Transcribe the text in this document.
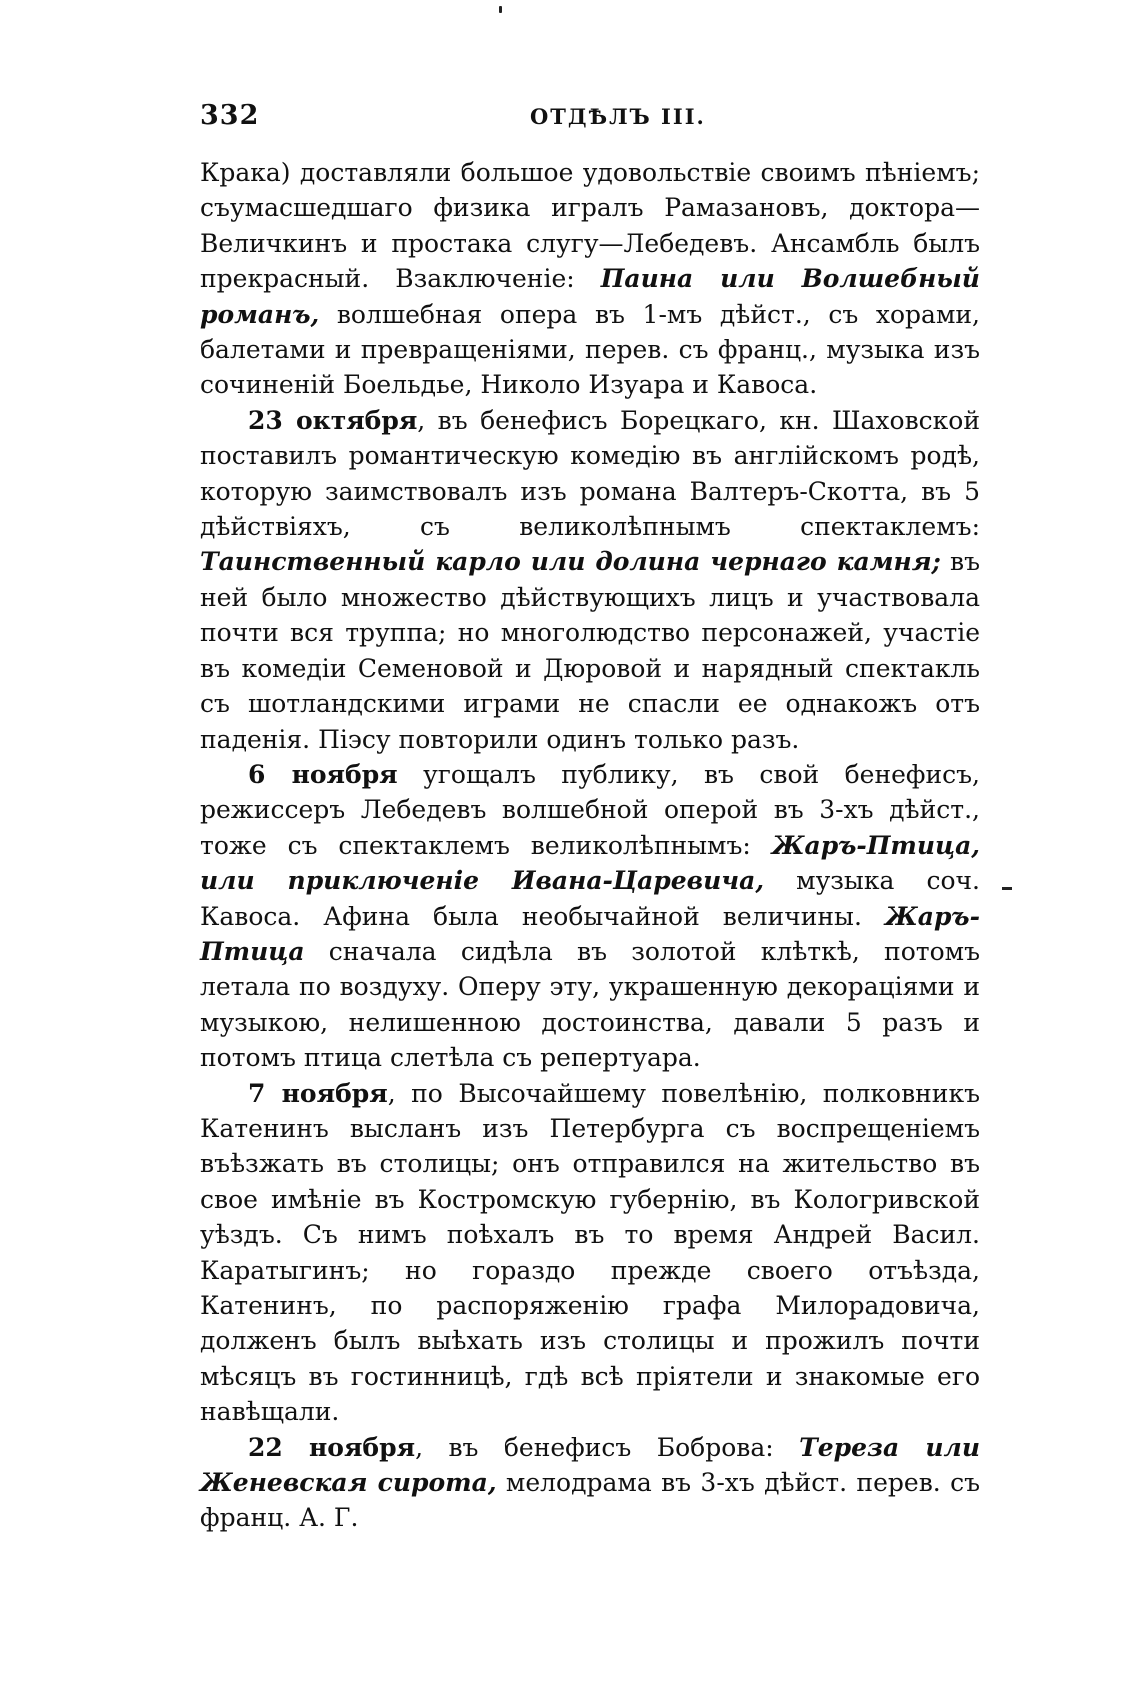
332	ОТДѢЛЪ III.

Крака) доставляли большое удовольствіе своимъ пѣніемъ; съумасшедшаго физика игралъ Рамазановъ, доктора—Величкинъ и простака слугу—Лебедевъ. Ансамбль былъ прекрасный. Взаключеніе: Паина или Волшебный романъ, волшебная опера въ 1-мъ дѣйст., съ хорами, балетами и превращеніями, перев. съ франц., музыка изъ сочиненій Боельдье, Николо Изуара и Кавоса.

23 октября, въ бенефисъ Борецкаго, кн. Шаховской поставилъ романтическую комедію въ англійскомъ родѣ, которую заимствовалъ изъ романа Валтеръ-Скотта, въ 5 дѣйствіяхъ, съ великолѣпнымъ спектаклемъ: Таинственный карло или долина чернаго камня; въ ней было множество дѣйствующихъ лицъ и участвовала почти вся труппа; но многолюдство персонажей, участіе въ комедіи Семеновой и Дюровой и нарядный спектакль съ шотландскими играми не спасли ее однакожъ отъ паденія. Піэсу повторили одинъ только разъ.

6 ноября угощалъ публику, въ свой бенефисъ, режиссеръ Лебедевъ волшебной оперой въ 3-хъ дѣйст., тоже съ спектаклемъ великолѣпнымъ: Жаръ-Птица, или приключеніе Ивана-Царевича, музыка соч. Кавоса. Афина была необычайной величины. Жаръ-Птица сначала сидѣла въ золотой клѣткѣ, потомъ летала по воздуху. Оперу эту, украшенную декораціями и музыкою, нелишенною достоинства, давали 5 разъ и потомъ птица слетѣла съ репертуара.

7 ноября, по Высочайшему повелѣнію, полковникъ Катенинъ высланъ изъ Петербурга съ воспрещеніемъ въѣзжать въ столицы; онъ отправился на жительство въ свое имѣніе въ Костромскую губернію, въ Кологривской уѣздъ. Съ нимъ поѣхалъ въ то время Андрей Васил. Каратыгинъ; но гораздо прежде своего отъѣзда, Катенинъ, по распоряженію графа Милорадовича, долженъ былъ выѣхать изъ столицы и прожилъ почти мѣсяцъ въ гостинницѣ, гдѣ всѣ пріятели и знакомые его навѣщали.

22 ноября, въ бенефисъ Боброва: Тереза или Женевская сирота, мелодрама въ 3-хъ дѣйст. перев. съ франц. А. Г.
